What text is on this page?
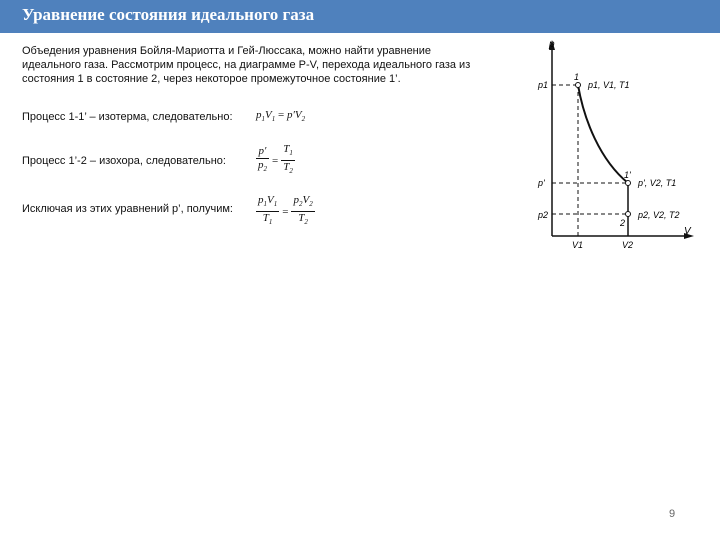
Уравнение состояния идеального газа
Объедения уравнения Бойля-Мариотта и Гей-Люссака, можно найти уравнение
идеального газа. Рассмотрим процесс, на диаграмме P-V, перехода идеального газа из
состояния 1 в состояние 2, через некоторое промежуточное состояние 1’.
Процесс 1-1’ – изотерма, следовательно: $p_1V_1 = p'V_2$
Процесс 1’-2 – изохора, следовательно:	$\frac{p'}{p_2} = \frac{T_1}{T_2}$
Исключая из этих уравнений p’, получим: $\frac{p_1V_1}{T_1} = \frac{p_2V_2}{T_2}$
p
V
p1
p'
p2
V1	V2
1
1'
2
p1, V1, T1
p', V2, T1
p2, V2, T2
9
